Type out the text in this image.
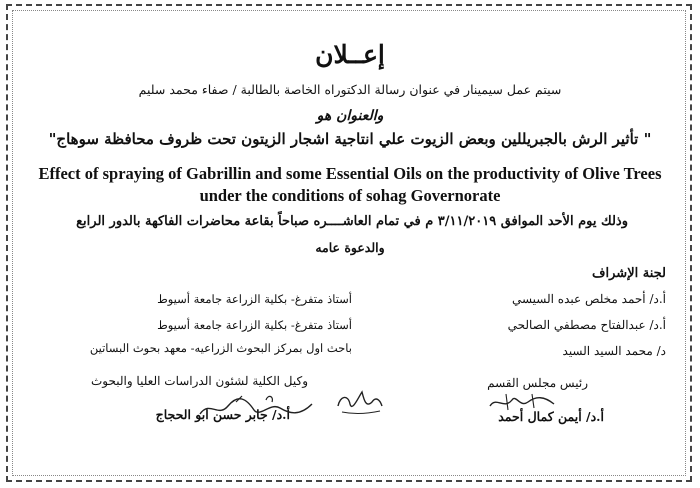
إعــلان
سيتم عمل سيمينار في عنوان رسالة الدكتوراه الخاصة بالطالبة / صفاء محمد سليم
والعنوان هو
" تأثير الرش بالجبريللين وبعض الزيوت علي انتاجية اشجار الزيتون تحت ظروف محافظة سوهاج"
Effect of spraying of Gabrillin and some Essential Oils on the productivity of Olive Trees
under the conditions of sohag Governorate
وذلك يوم الأحد الموافق ٣/١١/٢٠١٩ م في تمام العاشــــره صباحاً بقاعة محاضرات الفاكهة بالدور الرابع
والدعوة عامه
لجنة الإشراف
أ.د/ أحمد مخلص عبده السيسي
أستاذ متفرغ- بكلية الزراعة جامعة أسيوط
أ.د/ عبدالفتاح مصطفي الصالحي
أستاذ متفرغ- بكلية الزراعة جامعة أسيوط
د/ محمد السيد السيد
باحث اول بمركز البحوث الزراعيه- معهد بحوث البساتين
رئيس مجلس القسم
أ.د/ أيمن كمال أحمد
وكيل الكلية لشئون الدراسات العليا والبحوث
أ.د/ جابر حسن ابو الحجاج
